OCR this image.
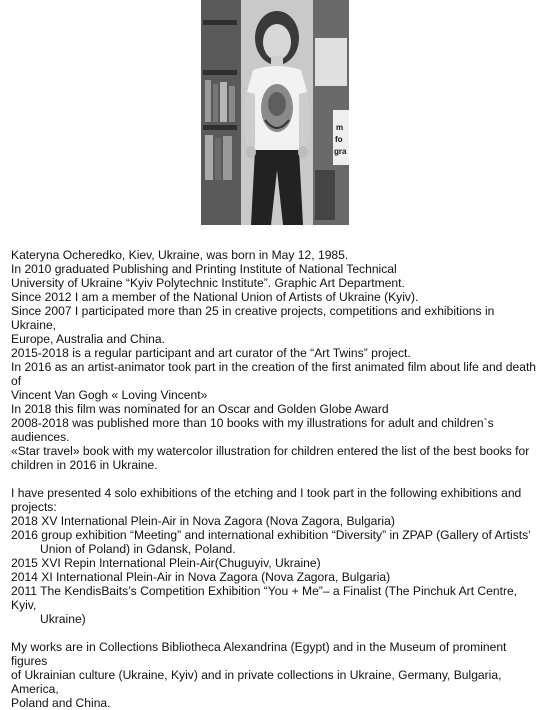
m
fo
gra

Kateryna Ocheredko, Kiev, Ukraine, was born in May 12, 1985.

In 2010 graduated Publishing and Printing Institute of National Technical

University of Ukraine “Kyiv Polytechnic Institute”. Graphic Art Department.

Since 2012 I am a member of the National Union of Artists of Ukraine (Kyiv).

Since 2007 I participated more than 25 in creative projects, competitions and exhibitions in Ukraine,

Europe, Australia and China.

2015-2018 is a regular participant and art curator of the “Art Twins” project.

In 2016 as an artist-animator took part in the creation of the first animated film about life and death of

Vincent Van Gogh « Loving Vincent»

In 2018 this film was nominated for an Oscar and Golden Globe Award

2008-2018 was published more than 10 books with my illustrations for adult and children`s audiences.

«Star travel» book with my watercolor illustration for children entered the list of the best books for

children in 2016 in Ukraine.

I have presented 4 solo exhibitions of the etching and I took part in the following exhibitions and

projects:

2018 XV International Plein-Air in Nova Zagora (Nova Zagora, Bulgaria)

2016 group exhibition “Meeting” and international exhibition “Diversity” in ZPAP (Gallery of Artists’

Union of Poland) in Gdansk, Poland.

2015 XVI Repin International Plein-Air(Chuguyiv, Ukraine)

2014 XI International Plein-Air in Nova Zagora (Nova Zagora, Bulgaria)

2011 The KendisBaits’s Competition Exhibition “You + Me”– a Finalist (The Pinchuk Art Centre, Kyiv,

Ukraine)

My works are in Collections Bibliotheca Alexandrina (Egypt) and in the Museum of prominent figures

of Ukrainian culture (Ukraine, Kyiv) and in private collections in Ukraine, Germany, Bulgaria, America,

Poland and China.
